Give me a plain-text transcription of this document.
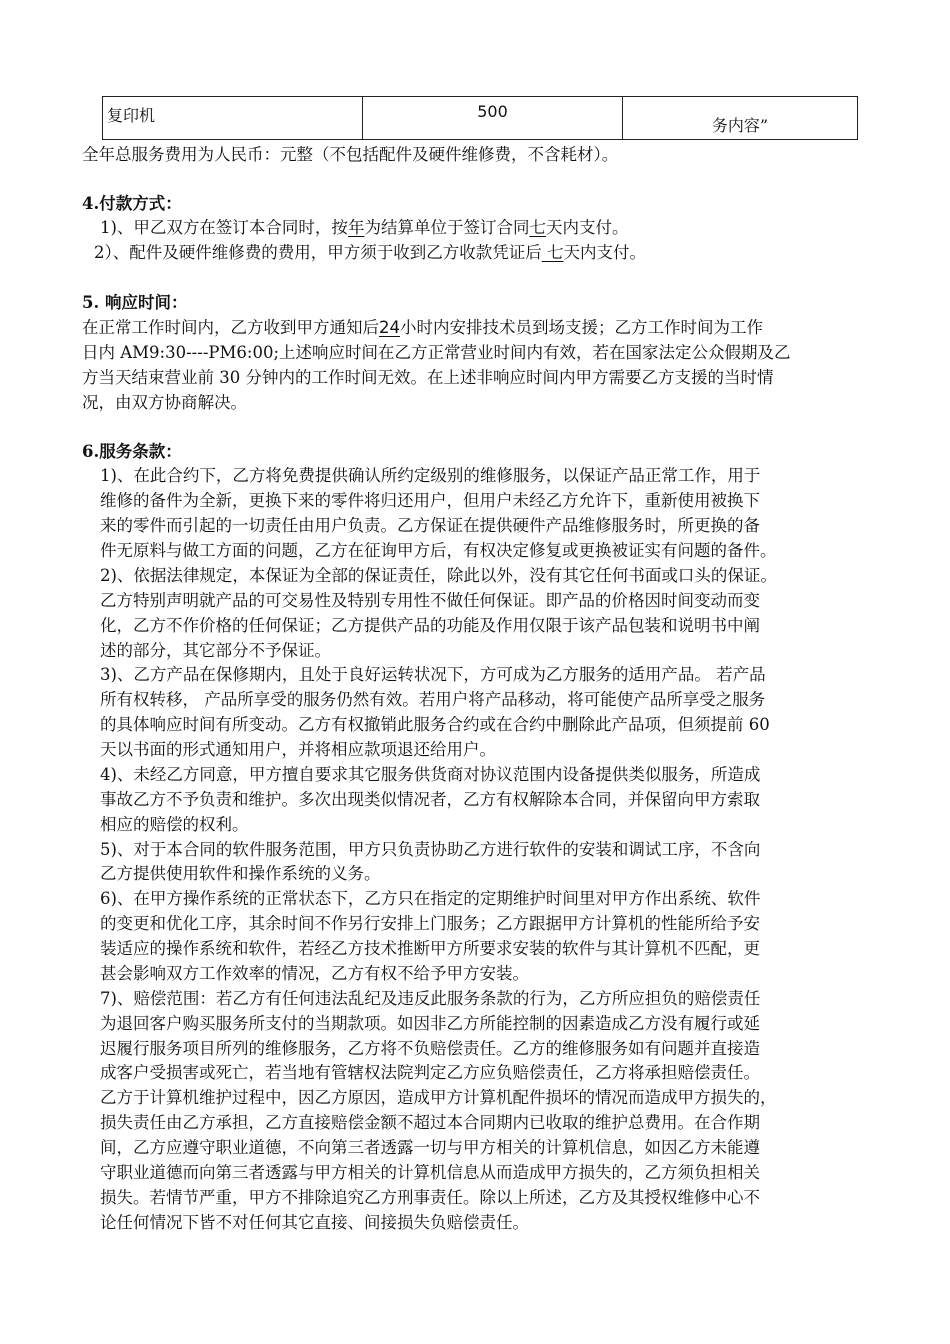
复印机	500
务内容”
全年总服务费用为人民币：元整（不包括配件及硬件维修费，不含耗材）。
4.付款方式：
1)、甲乙双方在签订本合同时，按年为结算单位于签订合同七天内支付。
2）、配件及硬件维修费的费用，甲方须于收到乙方收款凭证后 七天内支付。
5. 响应时间：
在正常工作时间内，乙方收到甲方通知后24小时内安排技术员到场支援；乙方工作时间为工作
日内 AM9:30----PM6:00;上述响应时间在乙方正常营业时间内有效，若在国家法定公众假期及乙
方当天结束营业前 30 分钟内的工作时间无效。在上述非响应时间内甲方需要乙方支援的当时情
况，由双方协商解决。
6.服务条款：
1)、在此合约下，乙方将免费提供确认所约定级别的维修服务，以保证产品正常工作，用于
维修的备件为全新，更换下来的零件将归还用户，但用户未经乙方允许下，重新使用被换下
来的零件而引起的一切责任由用户负责。乙方保证在提供硬件产品维修服务时，所更换的备
件无原料与做工方面的问题，乙方在征询甲方后，有权决定修复或更换被证实有问题的备件。
2)、依据法律规定，本保证为全部的保证责任，除此以外，没有其它任何书面或口头的保证。
乙方特别声明就产品的可交易性及特别专用性不做任何保证。即产品的价格因时间变动而变
化，乙方不作价格的任何保证；乙方提供产品的功能及作用仅限于该产品包装和说明书中阐
述的部分，其它部分不予保证。
3)、乙方产品在保修期内，且处于良好运转状况下，方可成为乙方服务的适用产品。 若产品
所有权转移， 产品所享受的服务仍然有效。若用户将产品移动，将可能使产品所享受之服务
的具体响应时间有所变动。乙方有权撤销此服务合约或在合约中删除此产品项，但须提前 60
天以书面的形式通知用户，并将相应款项退还给用户。
4)、未经乙方同意，甲方擅自要求其它服务供货商对协议范围内设备提供类似服务，所造成
事故乙方不予负责和维护。多次出现类似情况者，乙方有权解除本合同，并保留向甲方索取
相应的赔偿的权利。
5)、对于本合同的软件服务范围，甲方只负责协助乙方进行软件的安装和调试工序，不含向
乙方提供使用软件和操作系统的义务。
6)、在甲方操作系统的正常状态下，乙方只在指定的定期维护时间里对甲方作出系统、软件
的变更和优化工序，其余时间不作另行安排上门服务；乙方跟据甲方计算机的性能所给予安
装适应的操作系统和软件，若经乙方技术推断甲方所要求安装的软件与其计算机不匹配，更
甚会影响双方工作效率的情况，乙方有权不给予甲方安装。
7)、赔偿范围：若乙方有任何违法乱纪及违反此服务条款的行为，乙方所应担负的赔偿责任
为退回客户购买服务所支付的当期款项。如因非乙方所能控制的因素造成乙方没有履行或延
迟履行服务项目所列的维修服务，乙方将不负赔偿责任。乙方的维修服务如有问题并直接造
成客户受损害或死亡，若当地有管辖权法院判定乙方应负赔偿责任，乙方将承担赔偿责任。
乙方于计算机维护过程中，因乙方原因，造成甲方计算机配件损坏的情况而造成甲方损失的，
损失责任由乙方承担，乙方直接赔偿金额不超过本合同期内已收取的维护总费用。在合作期
间，乙方应遵守职业道德，不向第三者透露一切与甲方相关的计算机信息，如因乙方未能遵
守职业道德而向第三者透露与甲方相关的计算机信息从而造成甲方损失的，乙方须负担相关
损失。若情节严重，甲方不排除追究乙方刑事责任。除以上所述，乙方及其授权维修中心不
论任何情况下皆不对任何其它直接、间接损失负赔偿责任。
